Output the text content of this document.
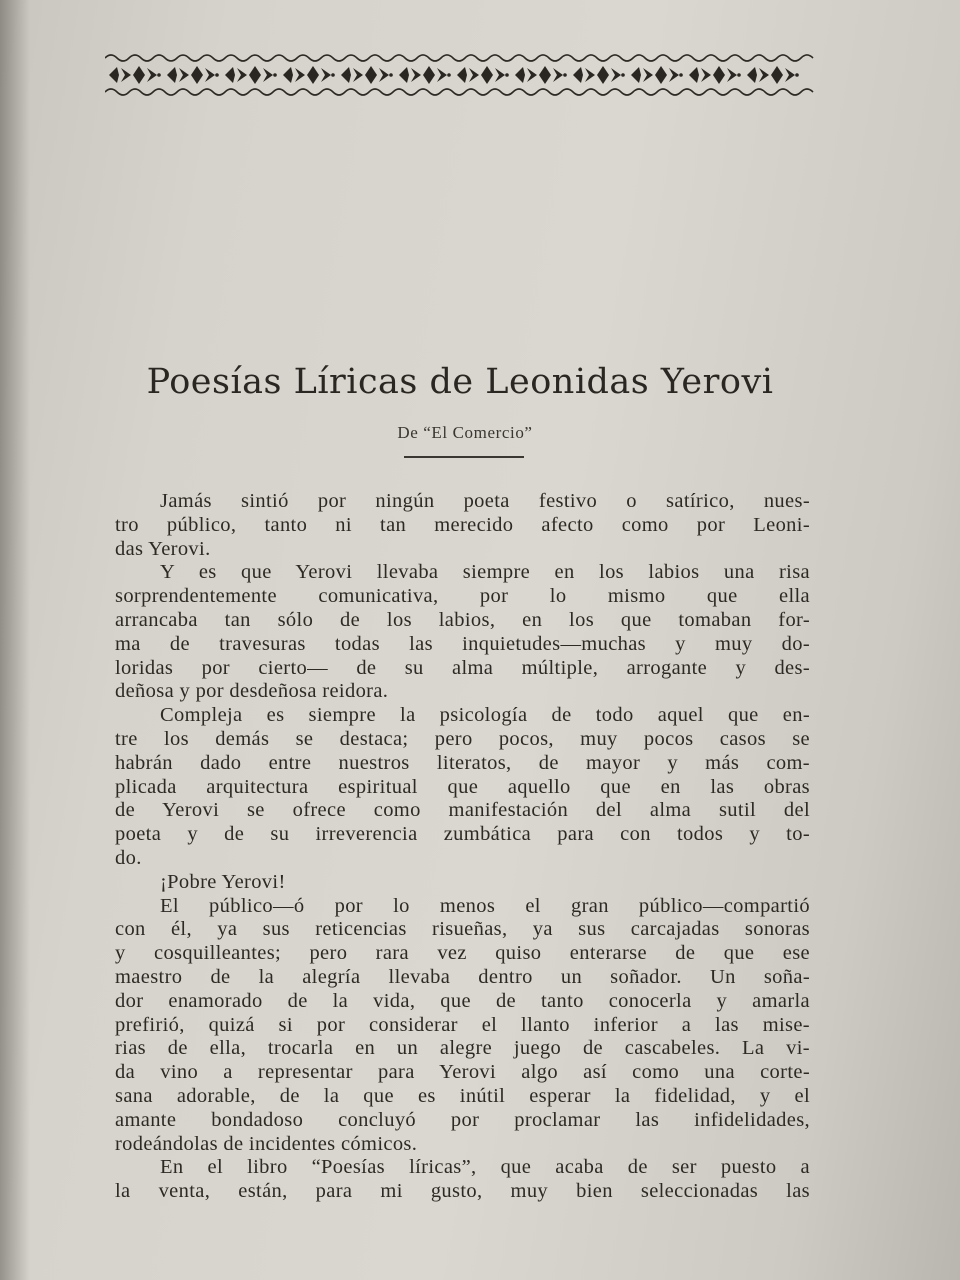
Poesías Líricas de Leonidas Yerovi
De “El Comercio”
Jamás sintió por ningún poeta festivo o satírico, nues-
tro público, tanto ni tan merecido afecto como por Leoni-
das Yerovi.
Y es que Yerovi llevaba siempre en los labios una risa
sorprendentemente comunicativa, por lo mismo que ella
arrancaba tan sólo de los labios, en los que tomaban for-
ma de travesuras todas las inquietudes—muchas y muy do-
loridas por cierto— de su alma múltiple, arrogante y des-
deñosa y por desdeñosa reidora.
Compleja es siempre la psicología de todo aquel que en-
tre los demás se destaca; pero pocos, muy pocos casos se
habrán dado entre nuestros literatos, de mayor y más com-
plicada arquitectura espiritual que aquello que en las obras
de Yerovi se ofrece como manifestación del alma sutil del
poeta y de su irreverencia zumbática para con todos y to-
do.
¡Pobre Yerovi!
El público—ó por lo menos el gran público—compartió
con él, ya sus reticencias risueñas, ya sus carcajadas sonoras
y cosquilleantes; pero rara vez quiso enterarse de que ese
maestro de la alegría llevaba dentro un soñador. Un soña-
dor enamorado de la vida, que de tanto conocerla y amarla
prefirió, quizá si por considerar el llanto inferior a las mise-
rias de ella, trocarla en un alegre juego de cascabeles. La vi-
da vino a representar para Yerovi algo así como una corte-
sana adorable, de la que es inútil esperar la fidelidad, y el
amante bondadoso concluyó por proclamar las infidelidades,
rodeándolas de incidentes cómicos.
En el libro “Poesías líricas”, que acaba de ser puesto a
la venta, están, para mi gusto, muy bien seleccionadas las
